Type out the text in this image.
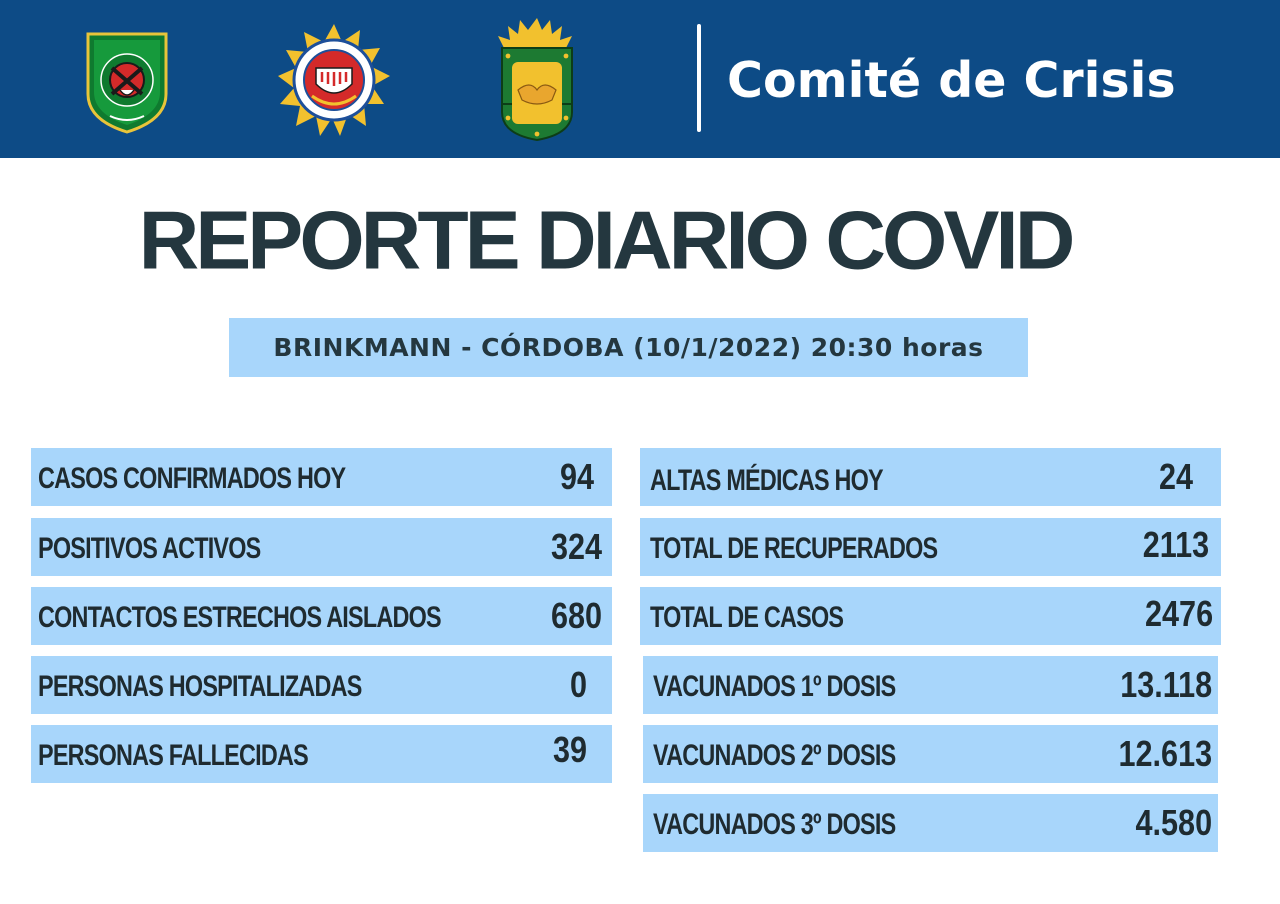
Comité de Crisis
REPORTE DIARIO COVID
BRINKMANN - CÓRDOBA (10/1/2022) 20:30 horas
CASOS CONFIRMADOS HOY	94
POSITIVOS ACTIVOS	324
CONTACTOS ESTRECHOS AISLADOS	680
PERSONAS HOSPITALIZADAS	0
PERSONAS FALLECIDAS	39
ALTAS MÉDICAS HOY	24
TOTAL DE RECUPERADOS	2113
TOTAL DE CASOS	2476
VACUNADOS 1º DOSIS	13.118
VACUNADOS 2º DOSIS	12.613
VACUNADOS 3º DOSIS	4.580
